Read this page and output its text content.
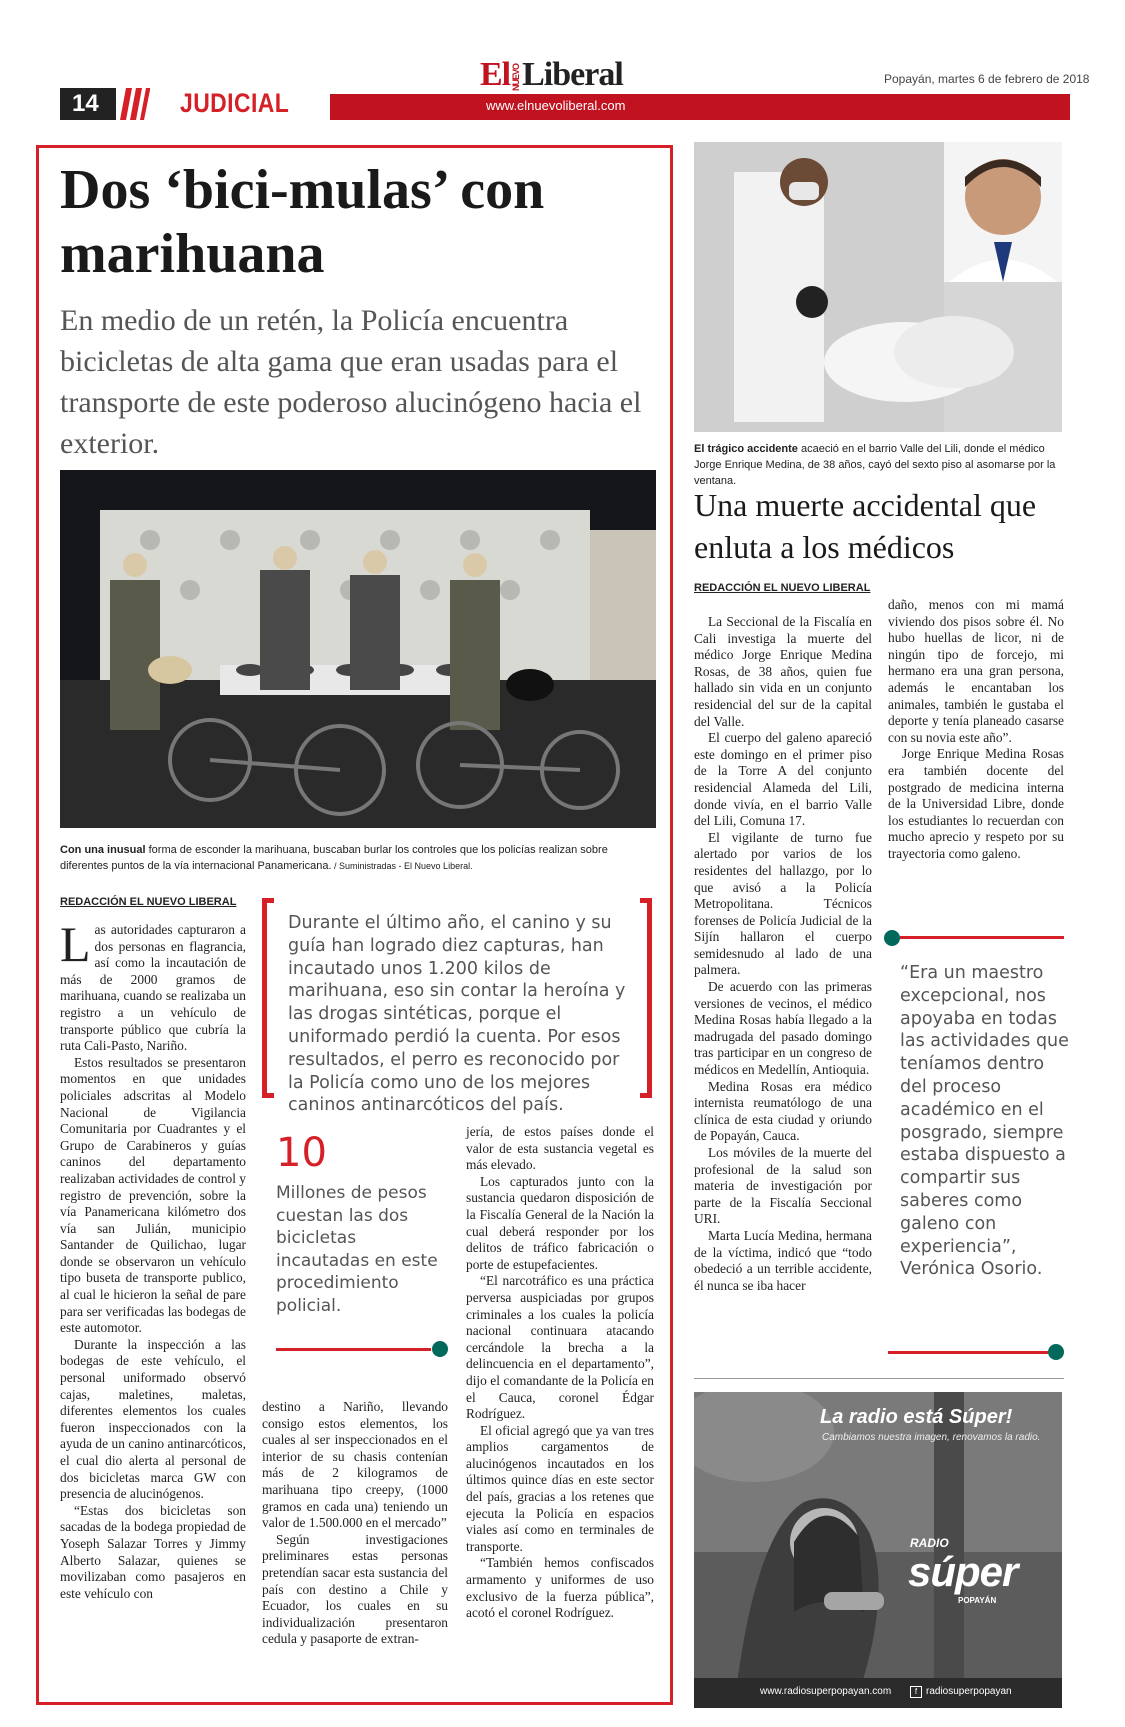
14	JUDICIAL
ElNUEVOLiberal	Popayán, martes 6 de febrero de 2018
www.elnuevoliberal.com
Dos ‘bici-mulas’ con marihuana

En medio de un retén, la Policía encuentra bicicletas de alta gama que eran usadas para el transporte de este poderoso alucinógeno hacia el exterior.

Con una inusual forma de esconder la marihuana, buscaban burlar los controles que los policías realizan sobre diferentes puntos de la vía internacional Panamericana. / Suministradas - El Nuevo Liberal.
REDACCIÓN EL NUEVO LIBERAL

Las autoridades capturaron a dos personas en flagrancia, así como la incautación de más de 2000 gramos de marihuana, cuando se realizaba un registro a un vehículo de transporte público que cubría la ruta Cali-Pasto, Nariño.

Estos resultados se presentaron momentos en que unidades policiales adscritas al Modelo Nacional de Vigilancia Comunitaria por Cuadrantes y el Grupo de Carabineros y guías caninos del departamento realizaban actividades de control y registro de prevención, sobre la vía Panamericana kilómetro dos vía san Julián, municipio Santander de Quilichao, lugar donde se observaron un vehículo tipo buseta de transporte publico, al cual le hicieron la señal de pare para ser verificadas las bodegas de este automotor.

Durante la inspección a las bodegas de este vehículo, el personal uniformado observó cajas, maletines, maletas, diferentes elementos los cuales fueron inspeccionados con la ayuda de un canino antinarcóticos, el cual dio alerta al personal de dos bicicletas marca GW con presencia de alucinógenos.

“Estas dos bicicletas son sacadas de la bodega propiedad de Yoseph Salazar Torres y Jimmy Alberto Salazar, quienes se movilizaban como pasajeros en este vehículo con

Durante el último año, el canino y su guía han logrado diez capturas, han incautado unos 1.200 kilos de marihuana, eso sin contar la heroína y las drogas sintéticas, porque el uniformado perdió la cuenta. Por esos resultados, el perro es reconocido por la Policía como uno de los mejores caninos antinarcóticos del país.
10
Millones de pesos cuestan las dos bicicletas incautadas en este procedimiento policial.

destino a Nariño, llevando consigo estos elementos, los cuales al ser inspeccionados en el interior de su chasis contenían más de 2 kilogramos de marihuana tipo creepy, (1000 gramos en cada una) teniendo un valor de 1.500.000 en el mercado”

Según investigaciones preliminares estas personas pretendían sacar esta sustancia del país con destino a Chile y Ecuador, los cuales en su individualización presentaron cedula y pasaporte de extran-

jería, de estos países donde el valor de esta sustancia vegetal es más elevado.

Los capturados junto con la sustancia quedaron disposición de la Fiscalía General de la Nación la cual deberá responder por los delitos de tráfico fabricación o porte de estupefacientes.

“El narcotráfico es una práctica perversa auspiciadas por grupos criminales a los cuales la policía nacional continuara atacando cercándole la brecha a la delincuencia en el departamento”, dijo el comandante de la Policía en el Cauca, coronel Édgar Rodríguez.

El oficial agregó que ya van tres amplios cargamentos de alucinógenos incautados en los últimos quince días en este sector del país, gracias a los retenes que ejecuta la Policía en espacios viales así como en terminales de transporte.

“También hemos confiscados armamento y uniformes de uso exclusivo de la fuerza pública”, acotó el coronel Rodríguez.

El trágico accidente acaeció en el barrio Valle del Lili, donde el médico Jorge Enrique Medina, de 38 años, cayó del sexto piso al asomarse por la ventana.
Una muerte accidental que enluta a los médicos
REDACCIÓN EL NUEVO LIBERAL

La Seccional de la Fiscalía en Cali investiga la muerte del médico Jorge Enrique Medina Rosas, de 38 años, quien fue hallado sin vida en un conjunto residencial del sur de la capital del Valle.

El cuerpo del galeno apareció este domingo en el primer piso de la Torre A del conjunto residencial Alameda del Lili, donde vivía, en el barrio Valle del Lili, Comuna 17.

El vigilante de turno fue alertado por varios de los residentes del hallazgo, por lo que avisó a la Policía Metropolitana. Técnicos forenses de Policía Judicial de la Sijín hallaron el cuerpo semidesnudo al lado de una palmera.

De acuerdo con las primeras versiones de vecinos, el médico Medina Rosas había llegado a la madrugada del pasado domingo tras participar en un congreso de médicos en Medellín, Antioquia.

Medina Rosas era médico internista reumatólogo de una clínica de esta ciudad y oriundo de Popayán, Cauca.

Los móviles de la muerte del profesional de la salud son materia de investigación por parte de la Fiscalía Seccional URI.

Marta Lucía Medina, hermana de la víctima, indicó que “todo obedeció a un terrible accidente, él nunca se iba hacer

daño, menos con mi mamá viviendo dos pisos sobre él. No hubo huellas de licor, ni de ningún tipo de forcejo, mi hermano era una gran persona, además le encantaban los animales, también le gustaba el deporte y tenía planeado casarse con su novia este año”.

Jorge Enrique Medina Rosas era también docente del postgrado de medicina interna de la Universidad Libre, donde los estudiantes lo recuerdan con mucho aprecio y respeto por su trayectoria como galeno.

“Era un maestro excepcional, nos apoyaba en todas las actividades que teníamos dentro del proceso académico en el posgrado, siempre estaba dispuesto a compartir sus saberes como galeno con experiencia”, Verónica Osorio.
La radio está Súper!
Cambiamos nuestra imagen, renovamos la radio.
RADIO
súper
POPAYÁN
www.radiosuperpopayan.com	f radiosuperpopayan
